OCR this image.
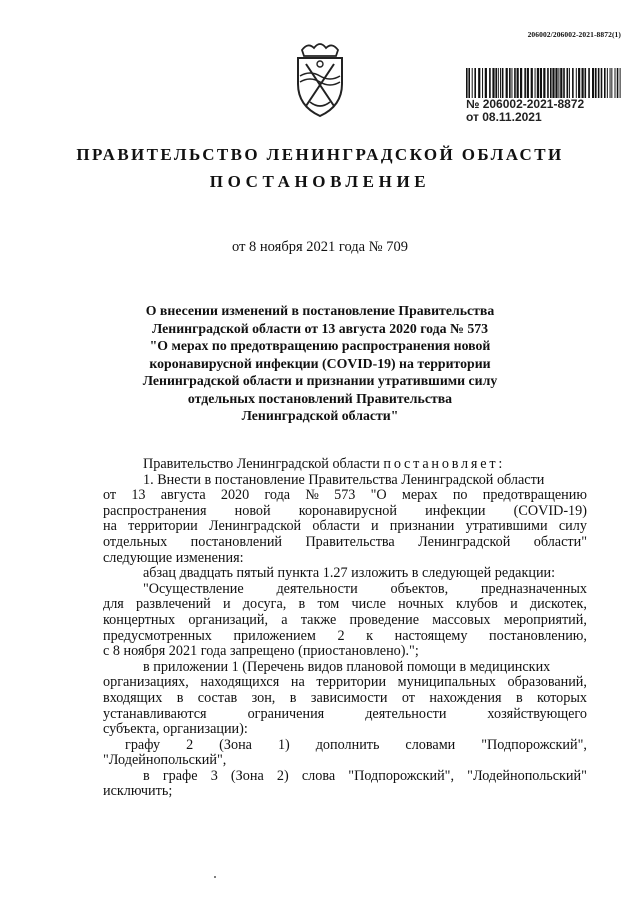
206002/206002-2021-8872(1)
№ 206002-2021-8872
от 08.11.2021
ПРАВИТЕЛЬСТВО ЛЕНИНГРАДСКОЙ ОБЛАСТИ
ПОСТАНОВЛЕНИЕ
от 8 ноября 2021 года № 709
О внесении изменений в постановление Правительства
Ленинградской области от 13 августа 2020 года № 573
"О мерах по предотвращению распространения новой
коронавирусной инфекции (COVID-19) на территории
Ленинградской области и признании утратившими силу
отдельных постановлений Правительства
Ленинградской области"
Правительство Ленинградской области постановляет:
1. Внести в постановление Правительства Ленинградской области
от 13 августа 2020 года № 573 "О мерах по предотвращению
распространения новой коронавирусной инфекции (COVID-19)
на территории Ленинградской области и признании утратившими силу
отдельных постановлений Правительства Ленинградской области"
следующие изменения:
абзац двадцать пятый пункта 1.27 изложить в следующей редакции:
"Осуществление деятельности объектов, предназначенных
для развлечений и досуга, в том числе ночных клубов и дискотек,
концертных организаций, а также проведение массовых мероприятий,
предусмотренных приложением 2 к настоящему постановлению,
с 8 ноября 2021 года запрещено (приостановлено).";
в приложении 1 (Перечень видов плановой помощи в медицинских
организациях, находящихся на территории муниципальных образований,
входящих в состав зон, в зависимости от нахождения в которых
устанавливаются	ограничения	деятельности	хозяйствующего
субъекта, организации):
графу 2 (Зона 1) дополнить словами "Подпорожский",
"Лодейнопольский",
в графе 3 (Зона 2) слова "Подпорожский", "Лодейнопольский"
исключить;
